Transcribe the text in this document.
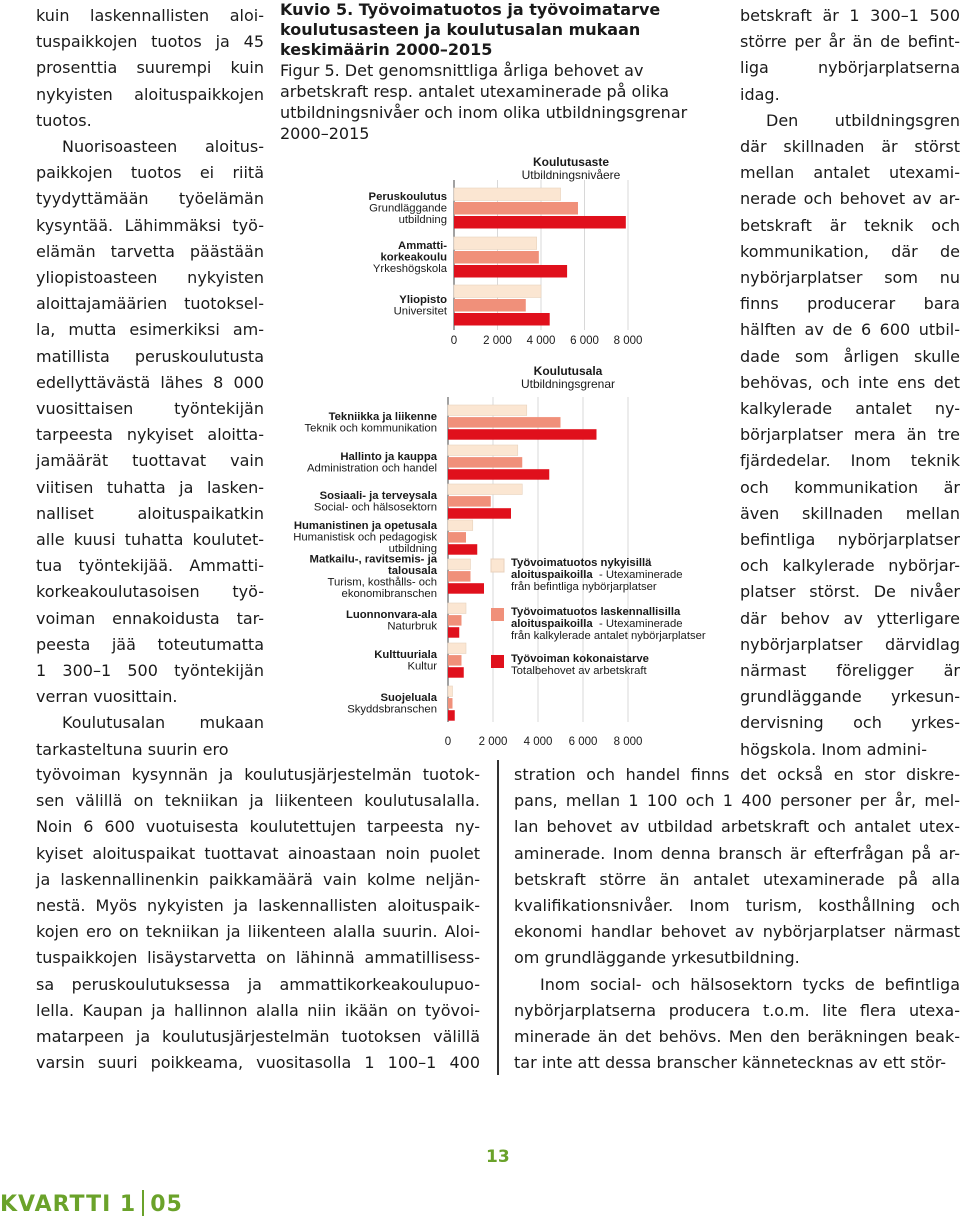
kuin laskennallisten aloi-
tuspaikkojen tuotos ja 45
prosenttia suurempi kuin
nykyisten aloituspaikkojen
tuotos.
Nuorisoasteen aloitus-
paikkojen tuotos ei riitä
tyydyttämään työelämän
kysyntää. Lähimmäksi työ-
elämän tarvetta päästään
yliopistoasteen nykyisten
aloittajamäärien tuotoksel-
la, mutta esimerkiksi am-
matillista peruskoulutusta
edellyttävästä lähes 8 000
vuosittaisen työntekijän
tarpeesta nykyiset aloitta-
jamäärät tuottavat vain
viitisen tuhatta ja lasken-
nalliset aloituspaikatkin
alle kuusi tuhatta koulutet-
tua työntekijää. Ammatti-
korkeakoulutasoisen työ-
voiman ennakoidusta tar-
peesta jää toteutumatta
1 300–1 500 työntekijän
verran vuosittain.
Koulutusalan mukaan
tarkasteltuna suurin ero
betskraft är 1 300–1 500
större per år än de befint-
liga nybörjarplatserna
idag.
Den utbildningsgren
där skillnaden är störst
mellan antalet utexami-
nerade och behovet av ar-
betskraft är teknik och
kommunikation, där de
nybörjarplatser som nu
finns producerar bara
hälften av de 6 600 utbil-
dade som årligen skulle
behövas, och inte ens det
kalkylerade antalet ny-
börjarplatser mera än tre
fjärdedelar. Inom teknik
och kommunikation är
även skillnaden mellan
befintliga nybörjarplatser
och kalkylerade nybörjar-
platser störst. De nivåer
där behov av ytterligare
nybörjarplatser därvidlag
närmast föreligger är
grundläggande yrkesun-
dervisning och yrkes-
högskola. Inom admini-
työvoiman kysynnän ja koulutusjärjestelmän tuotok-
sen välillä on tekniikan ja liikenteen koulutusalalla.
Noin 6 600 vuotuisesta koulutettujen tarpeesta ny-
kyiset aloituspaikat tuottavat ainoastaan noin puolet
ja laskennallinenkin paikkamäärä vain kolme neljän-
nestä. Myös nykyisten ja laskennallisten aloituspaik-
kojen ero on tekniikan ja liikenteen alalla suurin. Aloi-
tuspaikkojen lisäystarvetta on lähinnä ammatillisess-
sa peruskoulutuksessa ja ammattikorkeakoulupuo-
lella. Kaupan ja hallinnon alalla niin ikään on työvoi-
matarpeen ja koulutusjärjestelmän tuotoksen välillä
varsin suuri poikkeama, vuositasolla 1 100–1 400
stration och handel finns det också en stor diskre-
pans, mellan 1 100 och 1 400 personer per år, mel-
lan behovet av utbildad arbetskraft och antalet utex-
aminerade. Inom denna bransch är efterfrågan på ar-
betskraft större än antalet utexaminerade på alla
kvalifikationsnivåer. Inom turism, kosthållning och
ekonomi handlar behovet av nybörjarplatser närmast
om grundläggande yrkesutbildning.
Inom social- och hälsosektorn tycks de befintliga
nybörjarplatserna producera t.o.m. lite flera utexa-
minerade än det behövs. Men den beräkningen beak-
tar inte att dessa branscher kännetecknas av ett stör-
Kuvio 5. Työvoimatuotos ja työvoimatarve
koulutusasteen ja koulutusalan mukaan
keskimäärin 2000–2015
Figur 5. Det genomsnittliga årliga behovet av
arbetskraft resp. antalet utexaminerade på olika
utbildningsnivåer och inom olika utbildningsgrenar
2000–2015
Koulutusaste
Utbildningsnivåere
0 2 000 4 000 6 000 8 000
Peruskoulutus
Grundläggande
utbildning
Ammatti-
korkeakoulu
Yrkeshögskola
Yliopisto
Universitet
Koulutusala
Utbildningsgrenar
0 2 000 4 000 6 000 8 000
Tekniikka ja liikenne
Teknik och kommunikation
Hallinto ja kauppa
Administration och handel
Sosiaali- ja terveysala
Social- och hälsosektorn
Humanistinen ja opetusala
Humanistisk och pedagogisk
utbildning
Matkailu-, ravitsemis- ja
talousala
Turism, kosthålls- och
ekonomibranschen
Luonnonvara-ala
Naturbruk
Kulttuuriala
Kultur
Suojeluala
Skyddsbranschen
Työvoimatuotos nykyisillä
aloituspaikoilla - Utexaminerade
från befintliga nybörjarplatser
Työvoimatuotos laskennallisilla
aloituspaikoilla - Utexaminerade
från kalkylerade antalet nybörjarplatser
Työvoiman kokonaistarve
Totalbehovet av arbetskraft
13
KVARTTI 1 05
